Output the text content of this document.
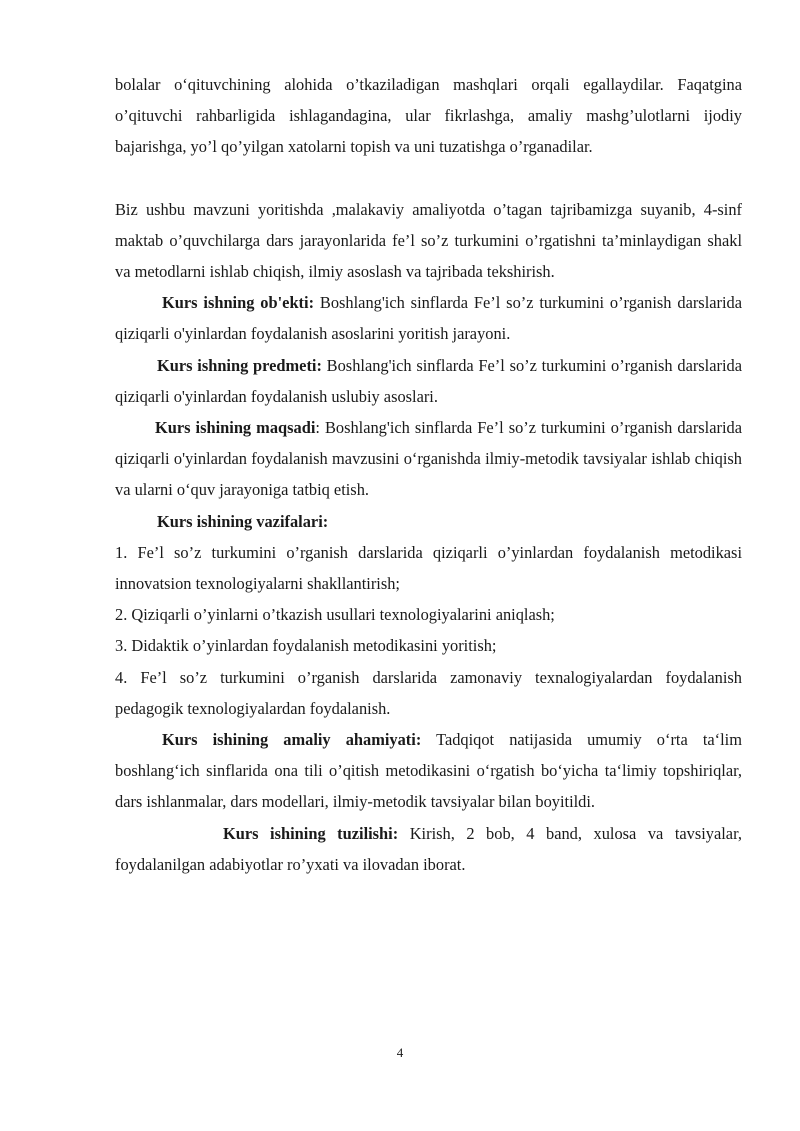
bolalar o‘qituvchining alohida o’tkaziladigan mashqlari orqali egallaydilar. Faqatgina o’qituvchi rahbarligida ishlagandagina, ular fikrlashga, amaliy mashg’ulotlarni ijodiy bajarishga, yo’l qo’yilgan xatolarni topish va uni tuzatishga o’rganadilar.

Biz ushbu mavzuni yoritishda ,malakaviy amaliyotda o’tagan tajribamizga suyanib, 4-sinf maktab o’quvchilarga dars jarayonlarida fe’l so’z turkumini o’rgatishni ta’minlaydigan shakl va metodlarni ishlab chiqish, ilmiy asoslash va tajribada tekshirish.

Kurs ishning ob'ekti: Boshlang'ich sinflarda Fe’l so’z turkumini o’rganish darslarida qiziqarli o'yinlardan foydalanish asoslarini yoritish jarayoni.

Kurs ishning predmeti: Boshlang'ich sinflarda Fe’l so’z turkumini o’rganish darslarida qiziqarli o'yinlardan foydalanish uslubiy asoslari.

Kurs ishining maqsadi: Boshlang'ich sinflarda Fe’l so’z turkumini o’rganish darslarida qiziqarli o'yinlardan foydalanish mavzusini o‘rganishda ilmiy-metodik tavsiyalar ishlab chiqish va ularni o‘quv jarayoniga tatbiq etish.

Kurs ishining vazifalari:

1. Fe’l so’z turkumini o’rganish darslarida qiziqarli o’yinlardan foydalanish metodikasi innovatsion texnologiyalarni shakllantirish;

2. Qiziqarli o’yinlarni o’tkazish usullari texnologiyalarini aniqlash;

3. Didaktik o’yinlardan foydalanish metodikasini yoritish;

4. Fe’l so’z turkumini o’rganish darslarida zamonaviy texnalogiyalardan foydalanish pedagogik texnologiyalardan foydalanish.

Kurs ishining amaliy ahamiyati: Tadqiqot natijasida umumiy o‘rta ta‘lim boshlang‘ich sinflarida ona tili o’qitish metodikasini o‘rgatish bo‘yicha ta‘limiy topshiriqlar, dars ishlanmalar, dars modellari, ilmiy-metodik tavsiyalar bilan boyitildi.

Kurs ishining tuzilishi: Kirish, 2 bob, 4 band, xulosa va tavsiyalar, foydalanilgan adabiyotlar ro’yxati va ilovadan iborat.

4
